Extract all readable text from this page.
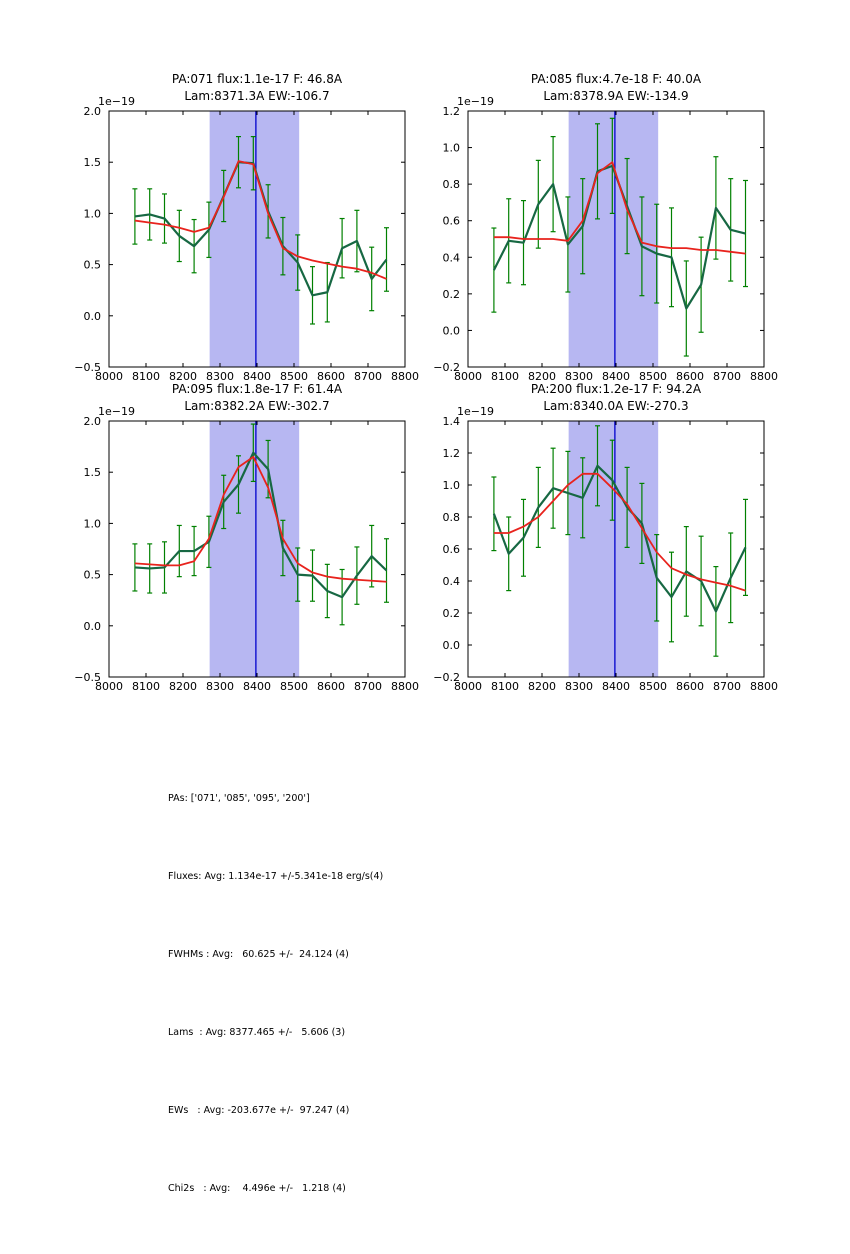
PA:071 flux:1.1e-17 F: 46.8A
Lam:8371.3A EW:-106.7
1e−19
8000 8100 8200 8300 8400 8500 8600 8700 8800
−0.5
0.0
0.5
1.0
1.5
2.0
PA:085 flux:4.7e-18 F: 40.0A
Lam:8378.9A EW:-134.9
1e−19
8000 8100 8200 8300 8400 8500 8600 8700 8800
−0.2
0.0
0.2
0.4
0.6
0.8
1.0
1.2
PA:095 flux:1.8e-17 F: 61.4A
Lam:8382.2A EW:-302.7
1e−19
8000 8100 8200 8300 8400 8500 8600 8700 8800
−0.5
0.0
0.5
1.0
1.5
2.0
PA:200 flux:1.2e-17 F: 94.2A
Lam:8340.0A EW:-270.3
1e−19
8000 8100 8200 8300 8400 8500 8600 8700 8800
−0.2
0.0
0.2
0.4
0.6
0.8
1.0
1.2
1.4

PAs: ['071', '085', '095', '200']

Fluxes: Avg: 1.134e-17 +/-5.341e-18 erg/s(4)

FWHMs : Avg:   60.625 +/-  24.124 (4)

Lams  : Avg: 8377.465 +/-   5.606 (3)

EWs   : Avg: -203.677e +/-  97.247 (4)

Chi2s   : Avg:    4.496e +/-   1.218 (4)
